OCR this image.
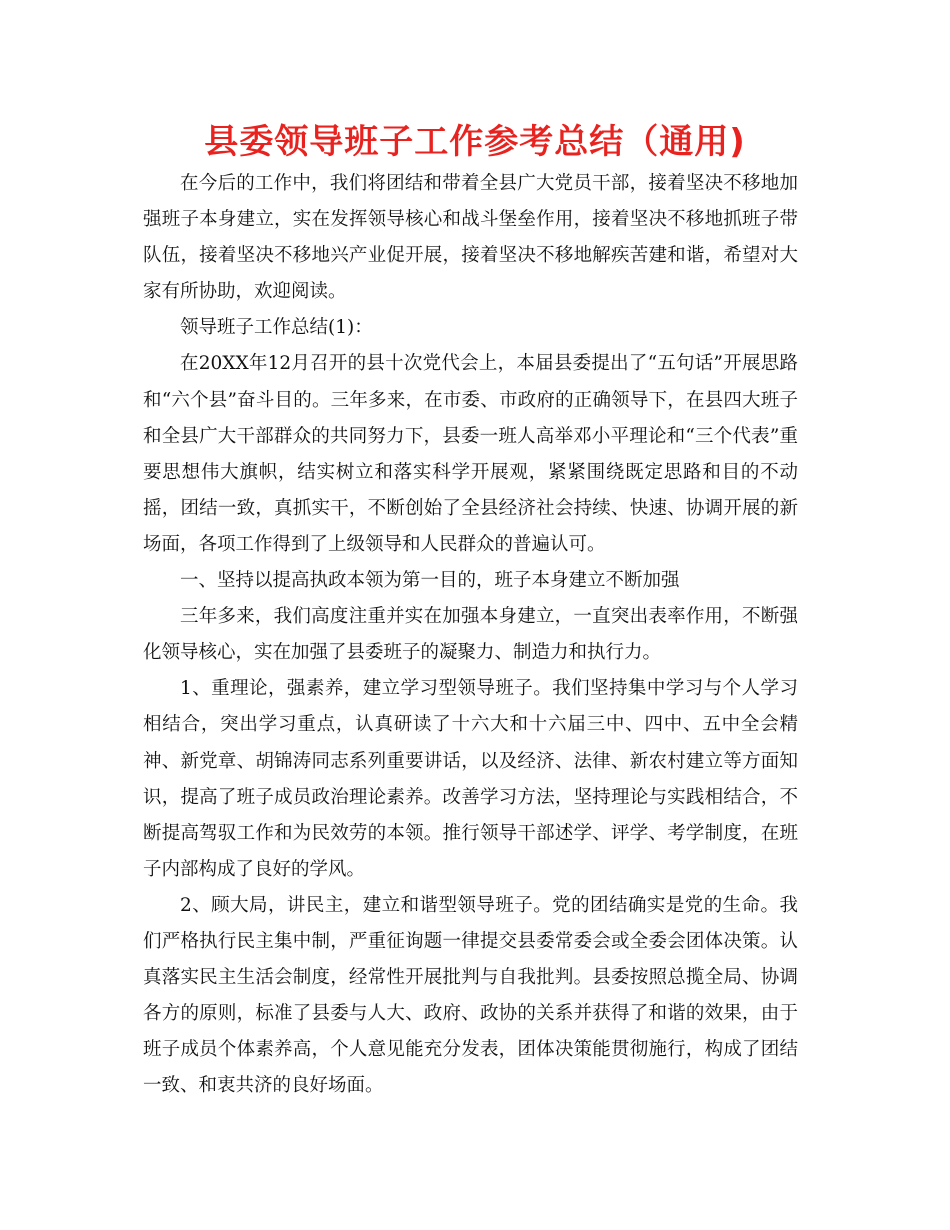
县委领导班子工作参考总结（通用)

在今后的工作中，我们将团结和带着全县广大党员干部，接着坚决不移地加强班子本身建立，实在发挥领导核心和战斗堡垒作用，接着坚决不移地抓班子带队伍，接着坚决不移地兴产业促开展，接着坚决不移地解疾苦建和谐，希望对大家有所协助，欢迎阅读。

领导班子工作总结(1)：

在20XX年12月召开的县十次党代会上，本届县委提出了“五句话”开展思路和“六个县”奋斗目的。三年多来，在市委、市政府的正确领导下，在县四大班子和全县广大干部群众的共同努力下，县委一班人高举邓小平理论和“三个代表”重要思想伟大旗帜，结实树立和落实科学开展观，紧紧围绕既定思路和目的不动摇，团结一致，真抓实干，不断创始了全县经济社会持续、快速、协调开展的新场面，各项工作得到了上级领导和人民群众的普遍认可。

一、坚持以提高执政本领为第一目的，班子本身建立不断加强

三年多来，我们高度注重并实在加强本身建立，一直突出表率作用，不断强化领导核心，实在加强了县委班子的凝聚力、制造力和执行力。

1、重理论，强素养，建立学习型领导班子。我们坚持集中学习与个人学习相结合，突出学习重点，认真研读了十六大和十六届三中、四中、五中全会精神、新党章、胡锦涛同志系列重要讲话，以及经济、法律、新农村建立等方面知识，提高了班子成员政治理论素养。改善学习方法，坚持理论与实践相结合，不断提高驾驭工作和为民效劳的本领。推行领导干部述学、评学、考学制度，在班子内部构成了良好的学风。

2、顾大局，讲民主，建立和谐型领导班子。党的团结确实是党的生命。我们严格执行民主集中制，严重征询题一律提交县委常委会或全委会团体决策。认真落实民主生活会制度，经常性开展批判与自我批判。县委按照总揽全局、协调各方的原则，标准了县委与人大、政府、政协的关系并获得了和谐的效果，由于班子成员个体素养高，个人意见能充分发表，团体决策能贯彻施行，构成了团结一致、和衷共济的良好场面。
